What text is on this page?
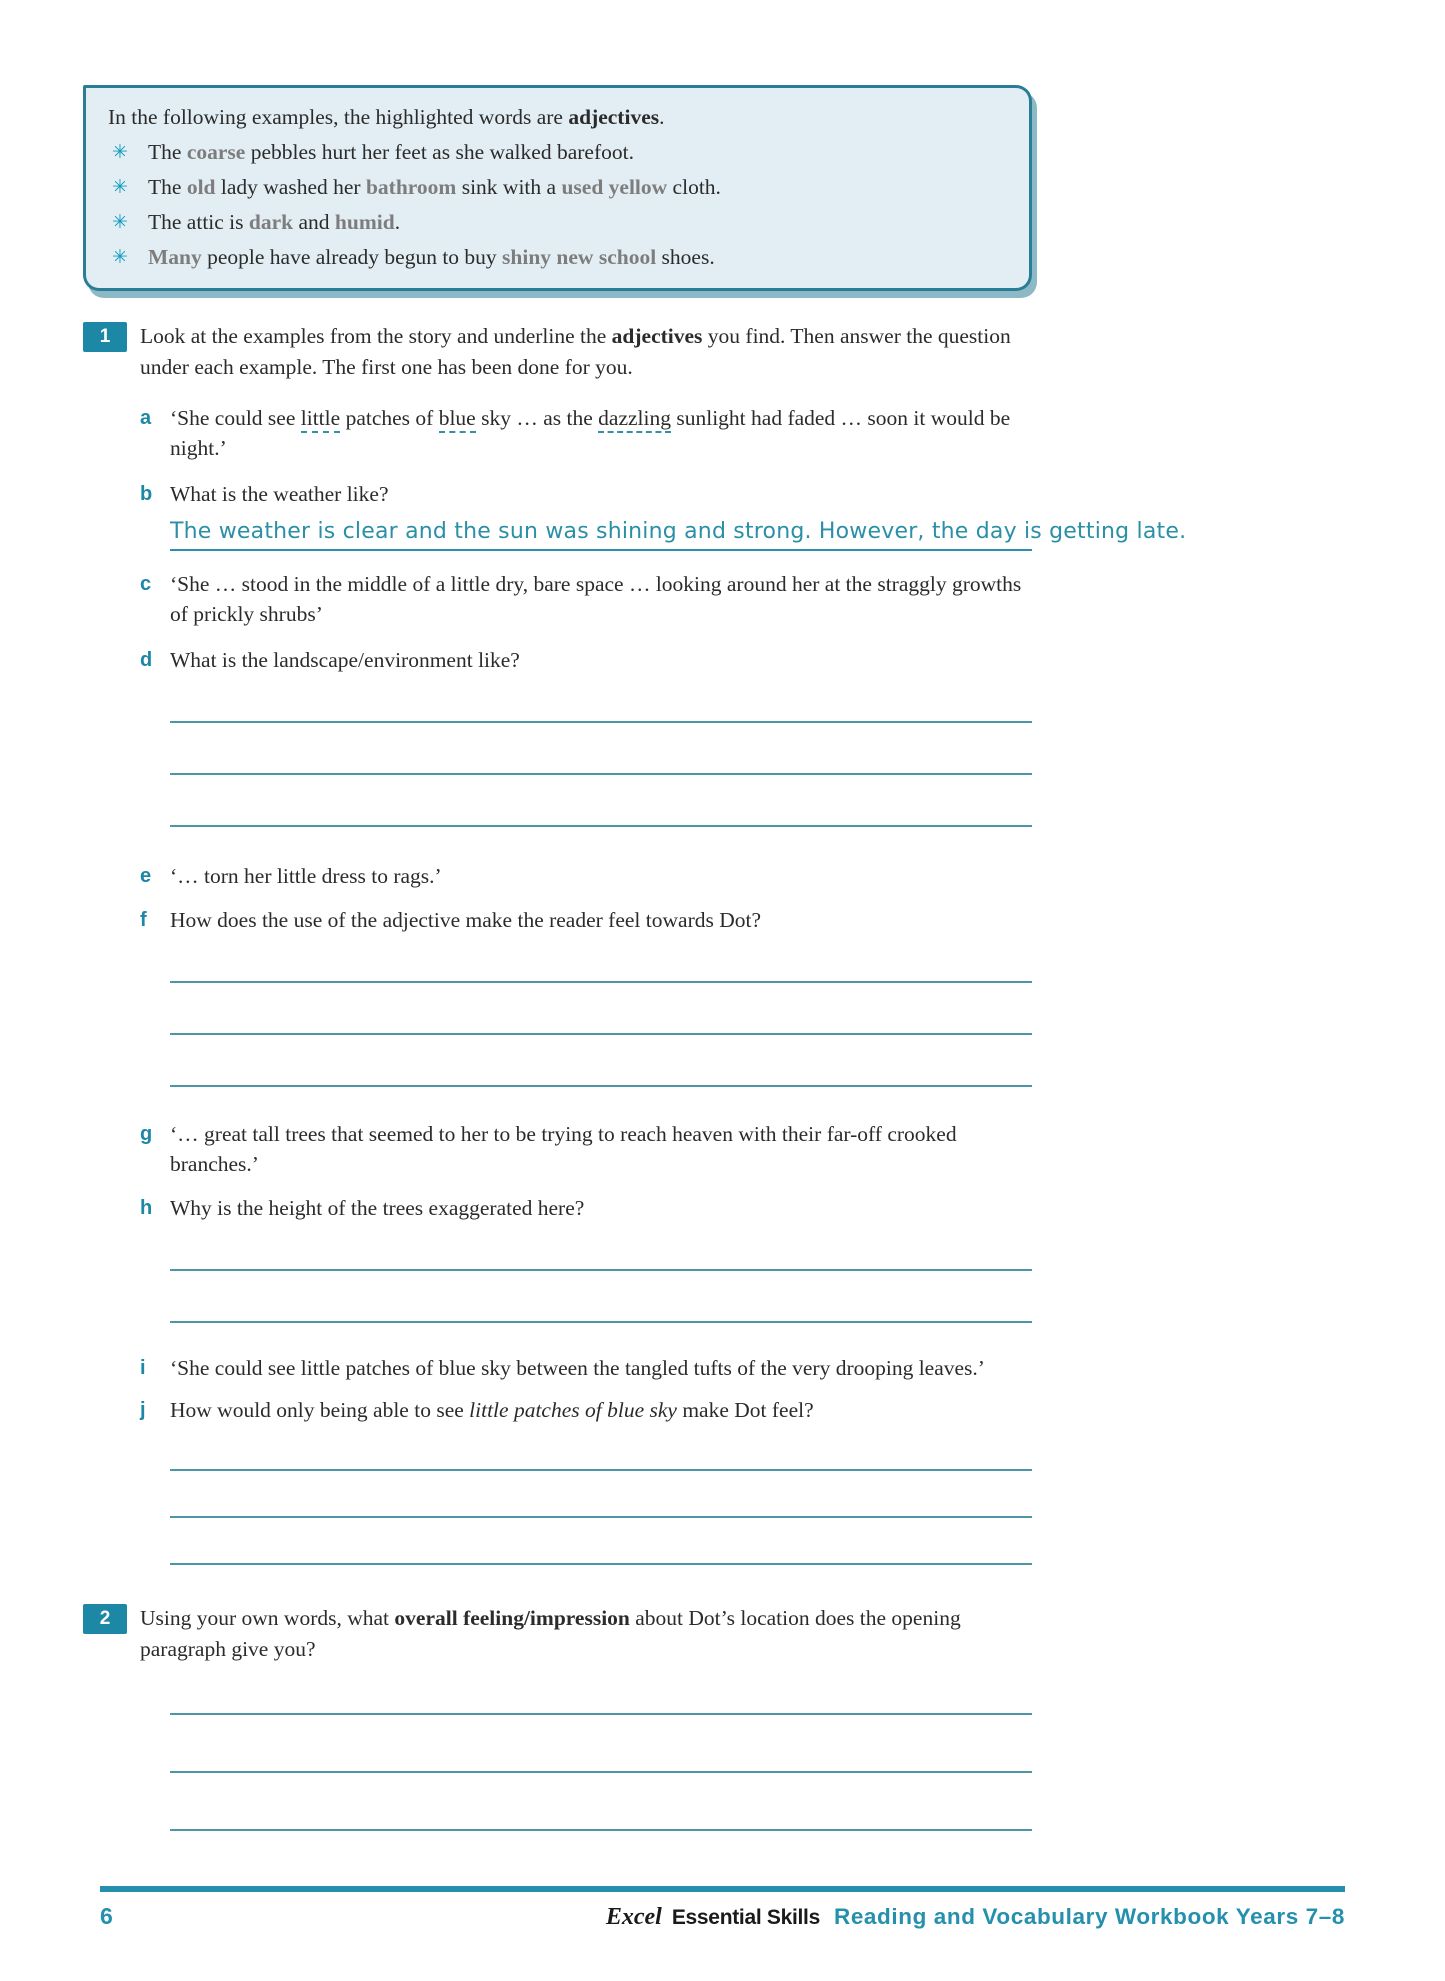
In the following examples, the highlighted words are adjectives.

✳ The coarse pebbles hurt her feet as she walked barefoot.

✳ The old lady washed her bathroom sink with a used yellow cloth.

✳ The attic is dark and humid.

✳ Many people have already begun to buy shiny new school shoes.

1	Look at the examples from the story and underline the adjectives you find. Then answer the question under each example. The first one has been done for you.

a ‘She could see little patches of blue sky … as the dazzling sunlight had faded … soon it would be night.’

b What is the weather like?

The weather is clear and the sun was shining and strong. However, the day is getting late.
c ‘She … stood in the middle of a little dry, bare space … looking around her at the straggly growths of prickly shrubs’

d What is the landscape/environment like?

e ‘… torn her little dress to rags.’

f	How does the use of the adjective make the reader feel towards Dot?

g ‘… great tall trees that seemed to her to be trying to reach heaven with their far-off crooked branches.’

h Why is the height of the trees exaggerated here?

i	‘She could see little patches of blue sky between the tangled tufts of the very drooping leaves.’

j	How would only being able to see little patches of blue sky make Dot feel?

2	Using your own words, what overall feeling/impression about Dot’s location does the opening paragraph give you?

6	Excel Essential Skills Reading and Vocabulary Workbook Years 7–8
